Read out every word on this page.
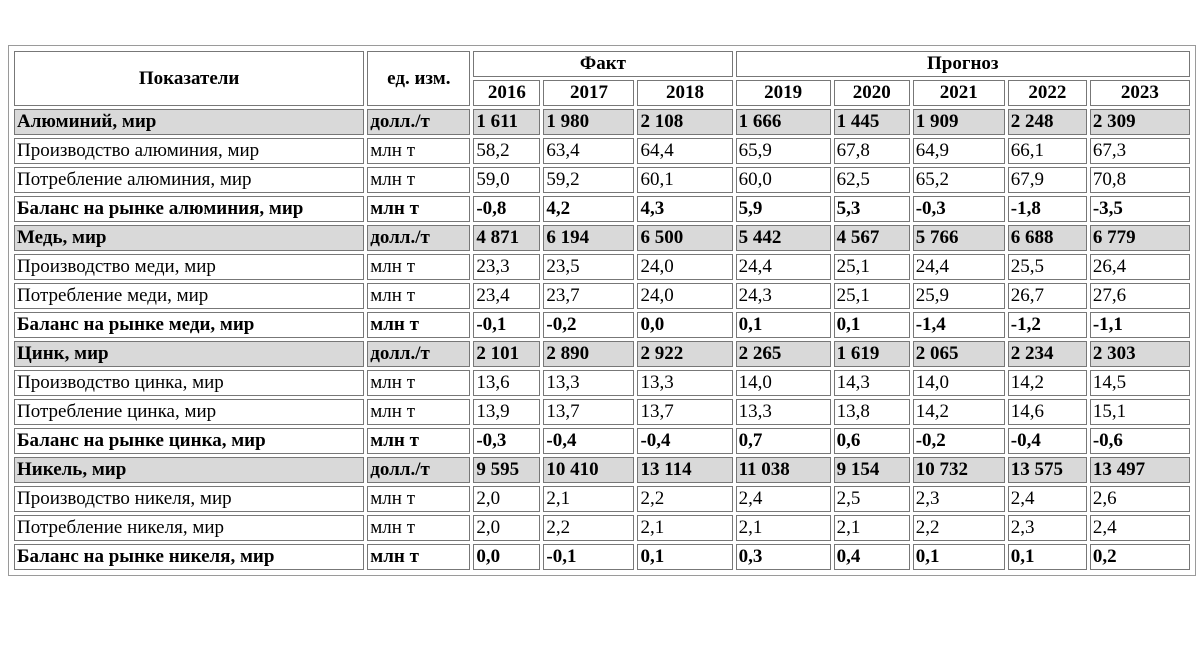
Показатели	ед. изм.	Факт			Прогноз				
		2016	2017	2018	2019	2020	2021	2022	2023
Алюминий, мир	долл./т	1 611	1 980	2 108	1 666	1 445	1 909	2 248	2 309
Производство алюминия, мир	млн т	58,2	63,4	64,4	65,9	67,8	64,9	66,1	67,3
Потребление алюминия, мир	млн т	59,0	59,2	60,1	60,0	62,5	65,2	67,9	70,8
Баланс на рынке алюминия, мир	млн т	-0,8	4,2	4,3	5,9	5,3	-0,3	-1,8	-3,5
Медь, мир	долл./т	4 871	6 194	6 500	5 442	4 567	5 766	6 688	6 779
Производство меди, мир	млн т	23,3	23,5	24,0	24,4	25,1	24,4	25,5	26,4
Потребление меди, мир	млн т	23,4	23,7	24,0	24,3	25,1	25,9	26,7	27,6
Баланс на рынке меди, мир	млн т	-0,1	-0,2	0,0	0,1	0,1	-1,4	-1,2	-1,1
Цинк, мир	долл./т	2 101	2 890	2 922	2 265	1 619	2 065	2 234	2 303
Производство цинка, мир	млн т	13,6	13,3	13,3	14,0	14,3	14,0	14,2	14,5
Потребление цинка, мир	млн т	13,9	13,7	13,7	13,3	13,8	14,2	14,6	15,1
Баланс на рынке цинка, мир	млн т	-0,3	-0,4	-0,4	0,7	0,6	-0,2	-0,4	-0,6
Никель, мир	долл./т	9 595	10 410	13 114	11 038	9 154	10 732	13 575	13 497
Производство никеля, мир	млн т	2,0	2,1	2,2	2,4	2,5	2,3	2,4	2,6
Потребление никеля, мир	млн т	2,0	2,2	2,1	2,1	2,1	2,2	2,3	2,4
Баланс на рынке никеля, мир	млн т	0,0	-0,1	0,1	0,3	0,4	0,1	0,1	0,2
